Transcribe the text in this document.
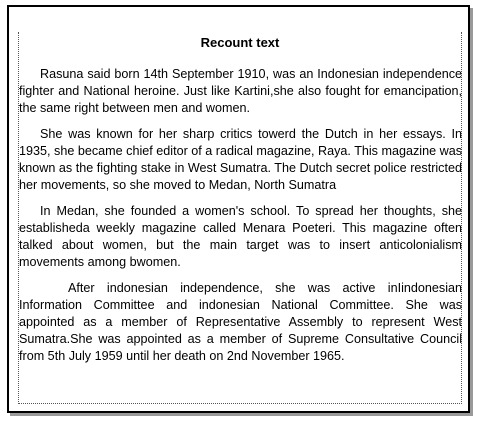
Recount text

Rasuna said born 14th September 1910, was an Indonesian independence fighter and National heroine. Just like Kartini,she also fought for emancipation, the same right between men and women.

She was known for her sharp critics towerd the Dutch in her essays. In 1935, she became chief editor of a radical magazine, Raya. This magazine was known as the fighting stake in West Sumatra. The Dutch secret police restricted her movements, so she moved to Medan, North Sumatra

In Medan, she founded a women's school. To spread her thoughts, she establisheda weekly magazine called Menara Poeteri. This magazine often talked about women, but the main target was to insert anticolonialism movements among bwomen.

After indonesian independence, she was active inIindonesian Information Committee and indonesian National Committee. She was appointed as a member of Representative Assembly to represent West Sumatra.She was appointed as a member of Supreme Consultative Council from 5th July 1959 until her death on 2nd November 1965.
